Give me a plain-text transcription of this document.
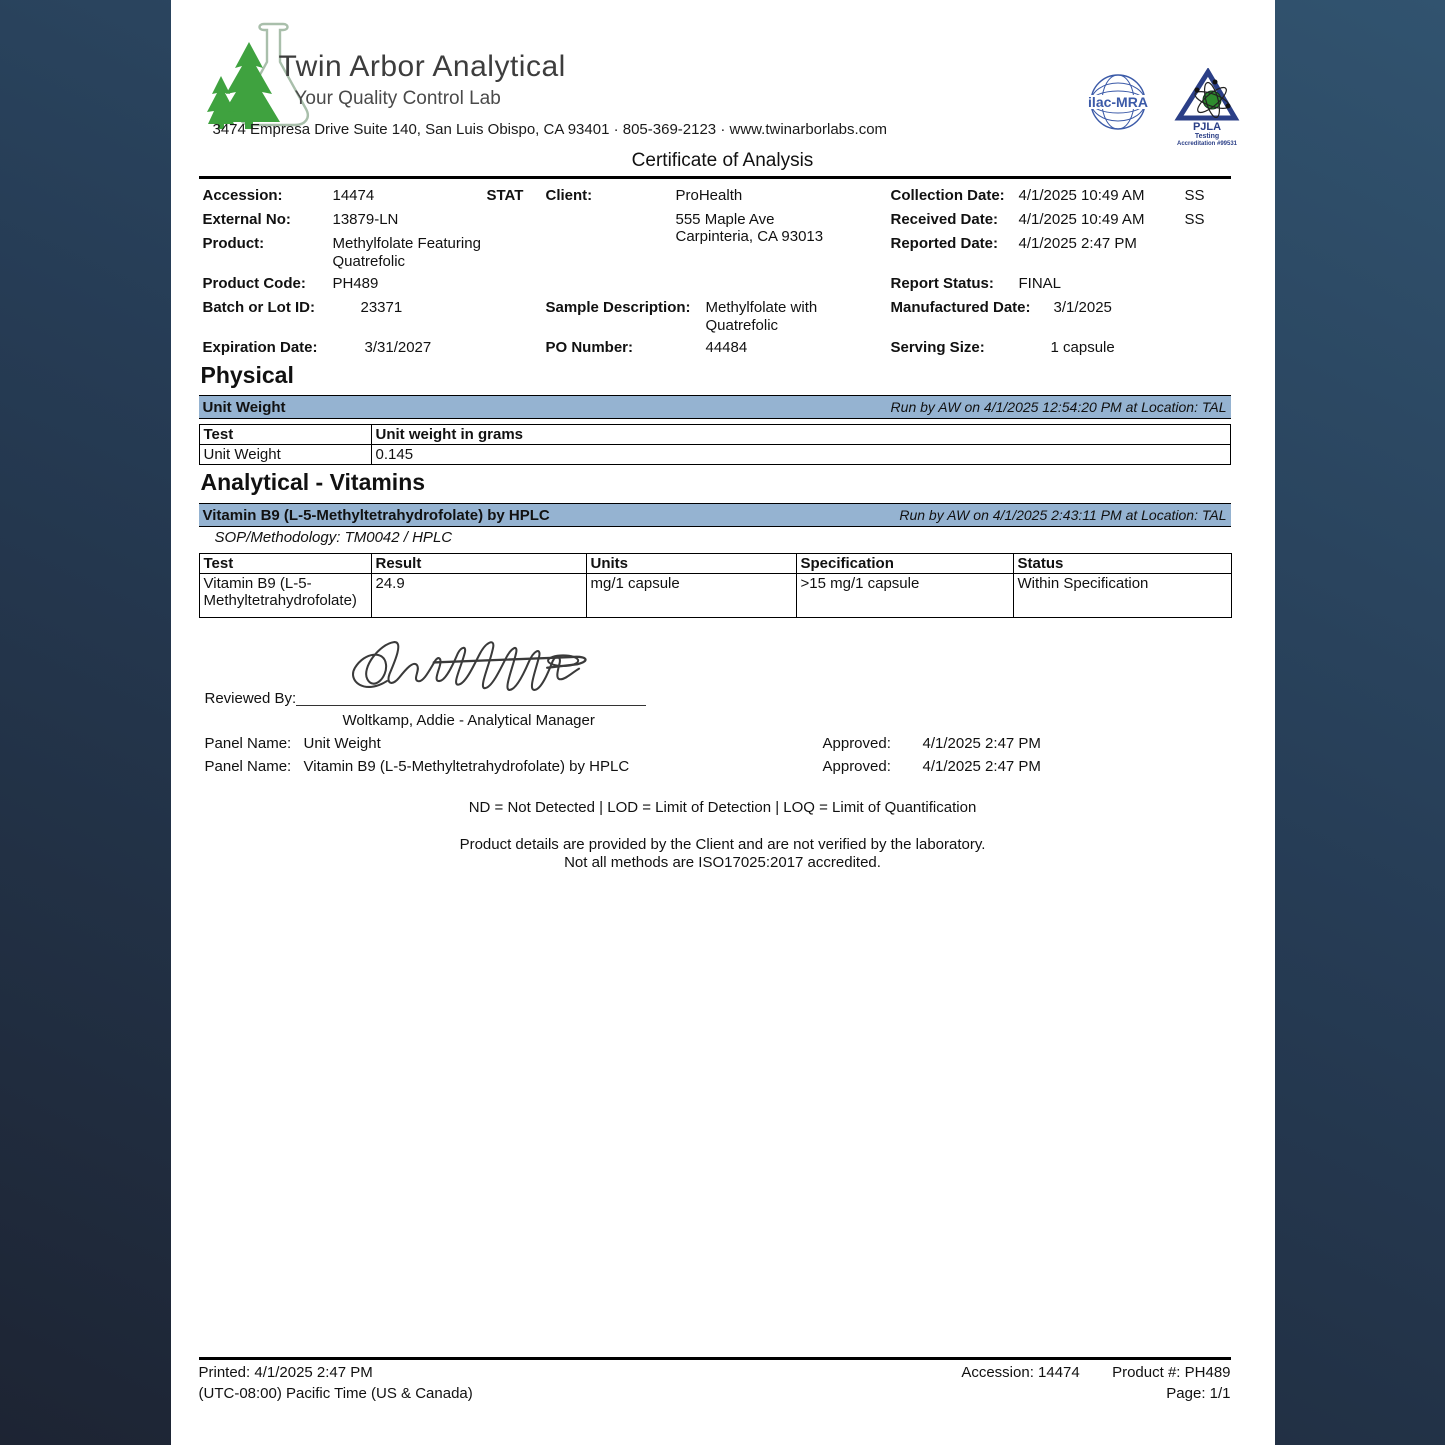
Twin Arbor Analytical
Your Quality Control Lab
3474 Empresa Drive Suite 140, San Luis Obispo, CA 93401 · 805-369-2123 · www.twinarborlabs.com
ilac-MRA
PJLA
Testing
Accreditation #99531
Certificate of Analysis
Accession:	14474	STAT
External No:	13879-LN
Product:	Methylfolate Featuring
Quatrefolic
Product Code: PH489
Batch or Lot ID:	23371
Expiration Date:	3/31/2027
Client:	ProHealth
555 Maple Ave
Carpinteria, CA 93013
Sample Description: Methylfolate with
Quatrefolic
PO Number:	44484
Collection Date: 4/1/2025 10:49 AM	SS
Received Date: 4/1/2025 10:49 AM	SS
Reported Date: 4/1/2025 2:47 PM
Report Status: FINAL
Manufactured Date: 3/1/2025
Serving Size:	1 capsule
Physical
Unit Weight	Run by AW on 4/1/2025 12:54:20 PM at Location: TAL
Test	Unit weight in grams
Unit Weight	0.145
Analytical - Vitamins
Vitamin B9 (L-5-Methyltetrahydrofolate) by HPLC	Run by AW on 4/1/2025 2:43:11 PM at Location: TAL
SOP/Methodology: TM0042 / HPLC
Test	Result	Units	Specification	Status
Vitamin B9 (L-5-Methyltetrahydrofolate)	24.9	mg/1 capsule	>15 mg/1 capsule	Within Specification
Reviewed By:
Woltkamp, Addie - Analytical Manager
Panel Name: Unit Weight	Approved: 4/1/2025 2:47 PM
Panel Name: Vitamin B9 (L-5-Methyltetrahydrofolate) by HPLC	Approved: 4/1/2025 2:47 PM
ND = Not Detected | LOD = Limit of Detection | LOQ = Limit of Quantification
Product details are provided by the Client and are not verified by the laboratory.
Not all methods are ISO17025:2017 accredited.
Printed: 4/1/2025 2:47 PM
(UTC-08:00) Pacific Time (US & Canada)
Accession: 14474 Product #: PH489
Page: 1/1
